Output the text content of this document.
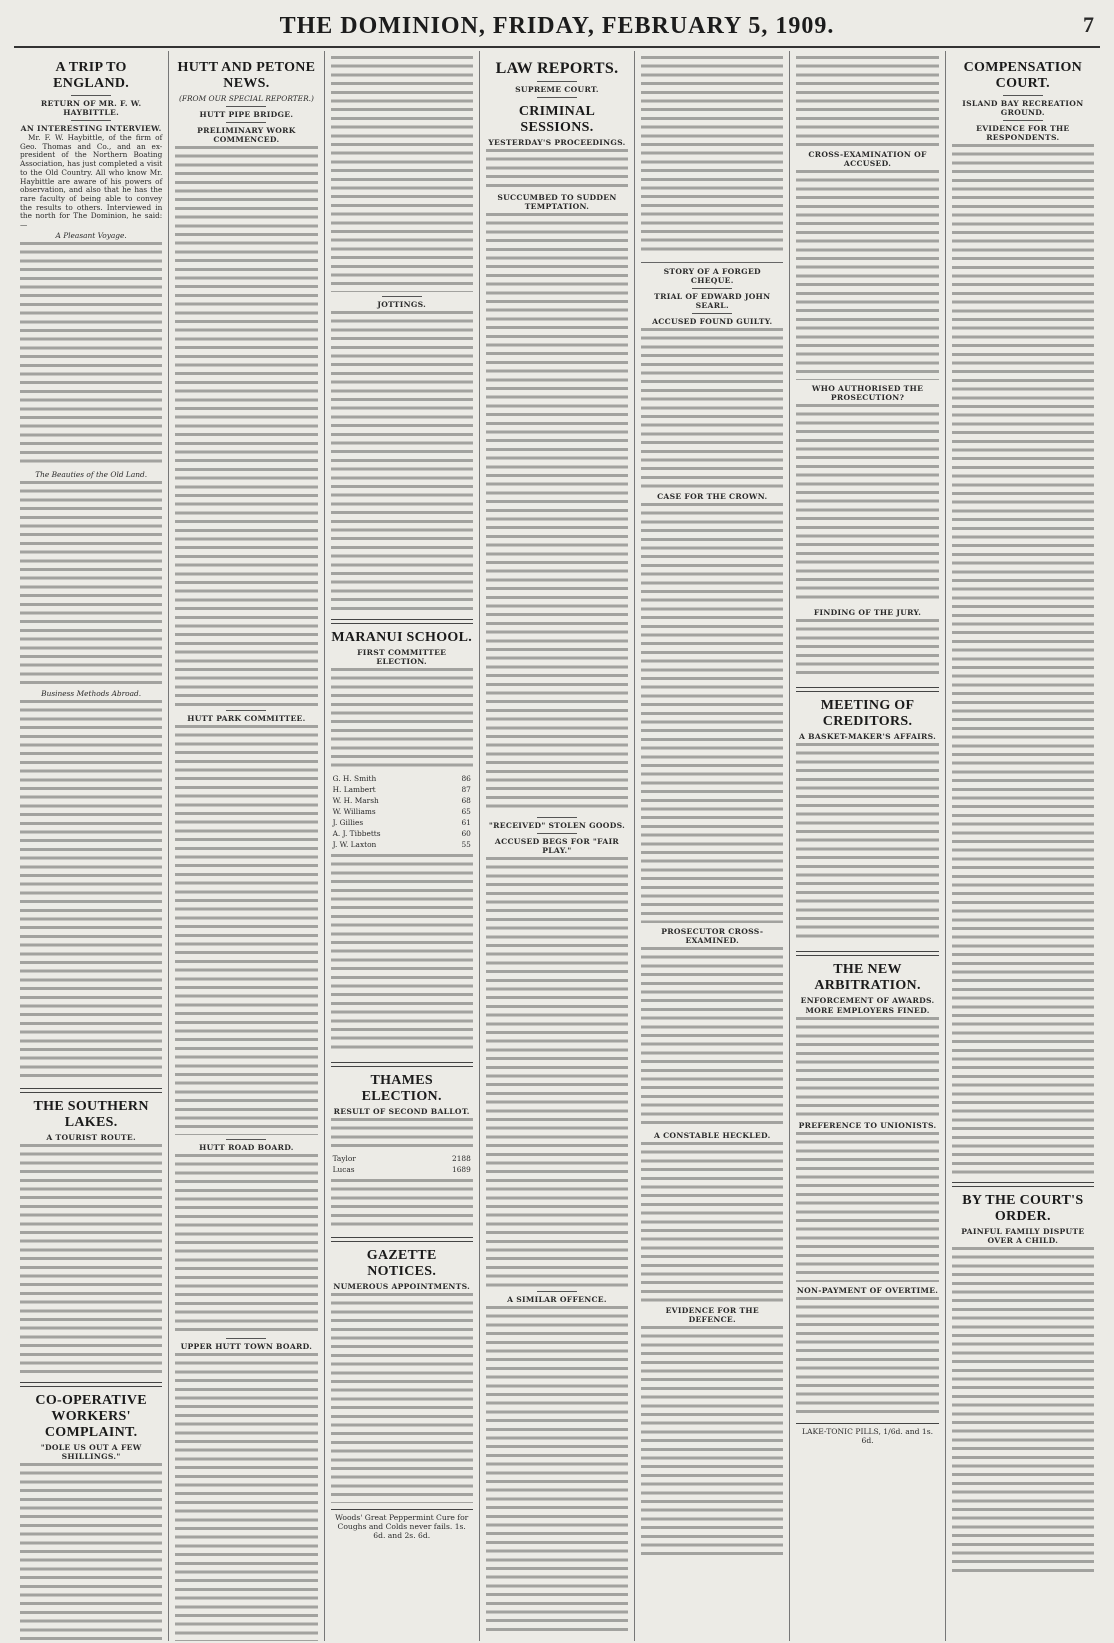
THE DOMINION, FRIDAY, FEBRUARY 5, 1909.	7
A TRIP TO ENGLAND.
RETURN OF MR. F. W. HAYBITTLE.
AN INTERESTING INTERVIEW.

Mr. F. W. Haybittle, of the firm of Geo. Thomas and Co., and an ex-president of the Northern Boating Association, has just completed a visit to the Old Country. All who know Mr. Haybittle are aware of his powers of observation, and also that he has the rare faculty of being able to convey the results to others. Interviewed in the north for The Dominion, he said:—

A Pleasant Voyage.
The Beauties of the Old Land.
Business Methods Abroad.
THE SOUTHERN LAKES.
A TOURIST ROUTE.
CO-OPERATIVE WORKERS' COMPLAINT.
"DOLE US OUT A FEW SHILLINGS."
HUTT AND PETONE NEWS.
(FROM OUR SPECIAL REPORTER.)
HUTT PIPE BRIDGE.
PRELIMINARY WORK COMMENCED.
HUTT PARK COMMITTEE.
HUTT ROAD BOARD.
UPPER HUTT TOWN BOARD.
JOTTINGS.
MARANUI SCHOOL.
FIRST COMMITTEE ELECTION.
G. H. Smith	86
H. Lambert	87
W. H. Marsh	68
W. Williams	65
J. Gillies	61
A. J. Tibbetts	60
J. W. Laxton	55
THAMES ELECTION.
RESULT OF SECOND BALLOT.
Taylor	2188
Lucas	1689
GAZETTE NOTICES.
NUMEROUS APPOINTMENTS.
Woods' Great Peppermint Cure for Coughs and Colds never fails. 1s. 6d. and 2s. 6d.
LAW REPORTS.
SUPREME COURT.
CRIMINAL SESSIONS.
YESTERDAY'S PROCEEDINGS.
SUCCUMBED TO SUDDEN TEMPTATION.
"RECEIVED" STOLEN GOODS.
ACCUSED BEGS FOR "FAIR PLAY."
A SIMILAR OFFENCE.
STORY OF A FORGED CHEQUE.
TRIAL OF EDWARD JOHN SEARL.
ACCUSED FOUND GUILTY.
CASE FOR THE CROWN.
PROSECUTOR CROSS-EXAMINED.
A CONSTABLE HECKLED.
EVIDENCE FOR THE DEFENCE.
CROSS-EXAMINATION OF ACCUSED.
WHO AUTHORISED THE PROSECUTION?
FINDING OF THE JURY.
MEETING OF CREDITORS.
A BASKET-MAKER'S AFFAIRS.
THE NEW ARBITRATION.
ENFORCEMENT OF AWARDS.
MORE EMPLOYERS FINED.
PREFERENCE TO UNIONISTS.
NON-PAYMENT OF OVERTIME.
LAKE-TONIC PILLS, 1/6d. and 1s. 6d.
COMPENSATION COURT.
ISLAND BAY RECREATION GROUND.
EVIDENCE FOR THE RESPONDENTS.
BY THE COURT'S ORDER.
PAINFUL FAMILY DISPUTE OVER A CHILD.
